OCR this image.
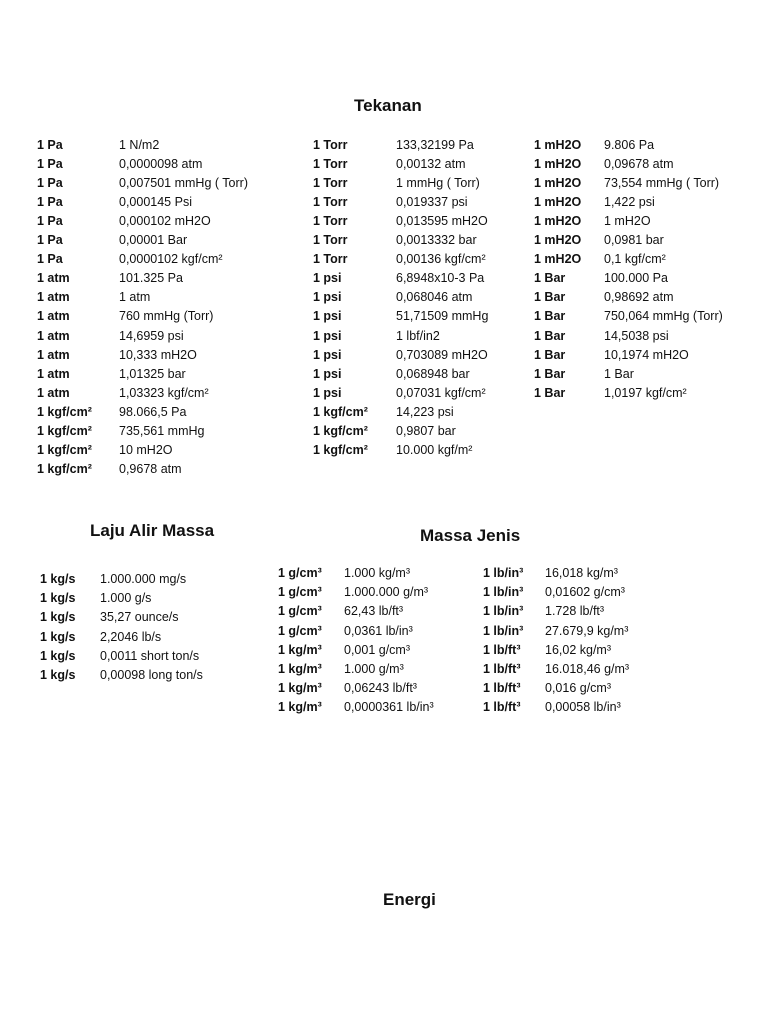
Tekanan
Laju Alir Massa	Massa Jenis
Energi
1 Pa	1 N/m2
1 Pa	0,0000098 atm
1 Pa	0,007501 mmHg ( Torr)
1 Pa	0,000145 Psi
1 Pa	0,000102 mH2O
1 Pa	0,00001 Bar
1 Pa	0,0000102 kgf/cm²
1 atm	101.325 Pa
1 atm	1 atm
1 atm	760 mmHg (Torr)
1 atm	14,6959 psi
1 atm	10,333 mH2O
1 atm	1,01325 bar
1 atm	1,03323 kgf/cm²
1 kgf/cm² 98.066,5 Pa
1 kgf/cm² 735,561 mmHg
1 kgf/cm² 10 mH2O
1 kgf/cm² 0,9678 atm
1 Torr	133,32199 Pa
1 Torr	0,00132 atm
1 Torr	1 mmHg ( Torr)
1 Torr	0,019337 psi
1 Torr	0,013595 mH2O
1 Torr	0,0013332 bar
1 Torr	0,00136 kgf/cm²
1 psi	6,8948x10-3 Pa
1 psi	0,068046 atm
1 psi	51,71509 mmHg
1 psi	1 lbf/in2
1 psi	0,703089 mH2O
1 psi	0,068948 bar
1 psi	0,07031 kgf/cm²
1 kgf/cm² 14,223 psi
1 kgf/cm² 0,9807 bar
1 kgf/cm² 10.000 kgf/m²
1 mH2O 9.806 Pa
1 mH2O 0,09678 atm
1 mH2O 73,554 mmHg ( Torr)
1 mH2O 1,422 psi
1 mH2O 1 mH2O
1 mH2O 0,0981 bar
1 mH2O 0,1 kgf/cm²
1 Bar	100.000 Pa
1 Bar	0,98692 atm
1 Bar	750,064 mmHg (Torr)
1 Bar	14,5038 psi
1 Bar	10,1974 mH2O
1 Bar	1 Bar
1 Bar	1,0197 kgf/cm²
1 kg/s 1.000.000 mg/s
1 kg/s 1.000 g/s
1 kg/s 35,27 ounce/s
1 kg/s 2,2046 lb/s
1 kg/s 0,0011 short ton/s
1 kg/s 0,00098 long ton/s
1 g/cm³ 1.000 kg/m³
1 g/cm³ 1.000.000 g/m³
1 g/cm³ 62,43 lb/ft³
1 g/cm³ 0,0361 lb/in³
1 kg/m³ 0,001 g/cm³
1 kg/m³ 1.000 g/m³
1 kg/m³ 0,06243 lb/ft³
1 kg/m³ 0,0000361 lb/in³
1 lb/in³ 16,018 kg/m³
1 lb/in³ 0,01602 g/cm³
1 lb/in³ 1.728 lb/ft³
1 lb/in³ 27.679,9 kg/m³
1 lb/ft³ 16,02 kg/m³
1 lb/ft³ 16.018,46 g/m³
1 lb/ft³ 0,016 g/cm³
1 lb/ft³ 0,00058 lb/in³
